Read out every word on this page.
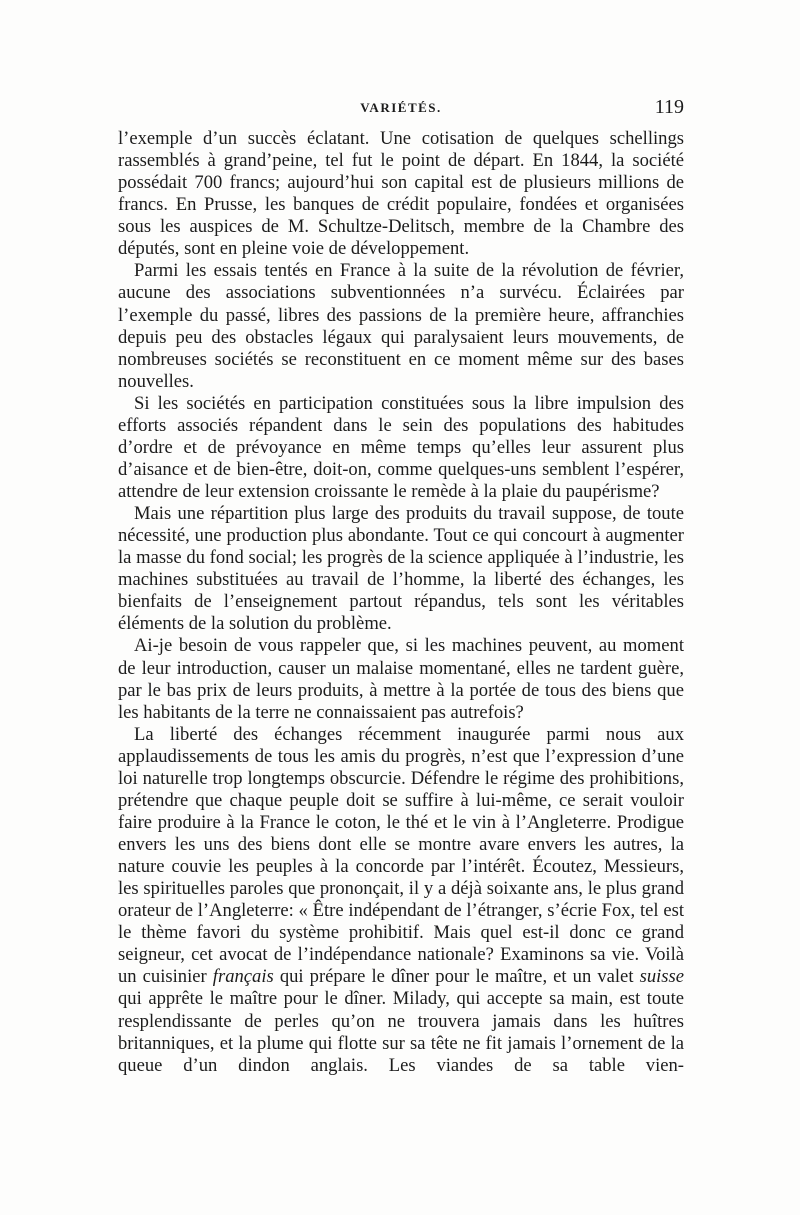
VARIÉTÉS.	119

l’exemple d’un succès éclatant. Une cotisation de quelques schellings rassemblés à grand’peine, tel fut le point de départ. En 1844, la société possédait 700 francs; aujourd’hui son capital est de plusieurs millions de francs. En Prusse, les banques de crédit populaire, fondées et organisées sous les auspices de M. Schultze-Delitsch, membre de la Chambre des députés, sont en pleine voie de développement.

Parmi les essais tentés en France à la suite de la révolution de février, aucune des associations subventionnées n’a survécu. Éclairées par l’exemple du passé, libres des passions de la première heure, affranchies depuis peu des obstacles légaux qui paralysaient leurs mouvements, de nombreuses sociétés se reconstituent en ce moment même sur des bases nouvelles.

Si les sociétés en participation constituées sous la libre impulsion des efforts associés répandent dans le sein des populations des habitudes d’ordre et de prévoyance en même temps qu’elles leur assurent plus d’aisance et de bien-être, doit-on, comme quelques-uns semblent l’espérer, attendre de leur extension croissante le remède à la plaie du paupérisme?

Mais une répartition plus large des produits du travail suppose, de toute nécessité, une production plus abondante. Tout ce qui concourt à augmenter la masse du fond social; les progrès de la science appliquée à l’industrie, les machines substituées au travail de l’homme, la liberté des échanges, les bienfaits de l’enseignement partout répandus, tels sont les véritables éléments de la solution du problème.

Ai-je besoin de vous rappeler que, si les machines peuvent, au moment de leur introduction, causer un malaise momentané, elles ne tardent guère, par le bas prix de leurs produits, à mettre à la portée de tous des biens que les habitants de la terre ne connaissaient pas autrefois?

La liberté des échanges récemment inaugurée parmi nous aux applaudissements de tous les amis du progrès, n’est que l’expression d’une loi naturelle trop longtemps obscurcie. Défendre le régime des prohibitions, prétendre que chaque peuple doit se suffire à lui-même, ce serait vouloir faire produire à la France le coton, le thé et le vin à l’Angleterre. Prodigue envers les uns des biens dont elle se montre avare envers les autres, la nature couvie les peuples à la concorde par l’intérêt. Écoutez, Messieurs, les spirituelles paroles que prononçait, il y a déjà soixante ans, le plus grand orateur de l’Angleterre: « Être indépendant de l’étranger, s’écrie Fox, tel est le thème favori du système prohibitif. Mais quel est-il donc ce grand seigneur, cet avocat de l’indépendance nationale? Examinons sa vie. Voilà un cuisinier français qui prépare le dîner pour le maître, et un valet suisse qui apprête le maître pour le dîner. Milady, qui accepte sa main, est toute resplendissante de perles qu’on ne trouvera jamais dans les huîtres britanniques, et la plume qui flotte sur sa tête ne fit jamais l’ornement de la queue d’un dindon anglais. Les viandes de sa table vien-
